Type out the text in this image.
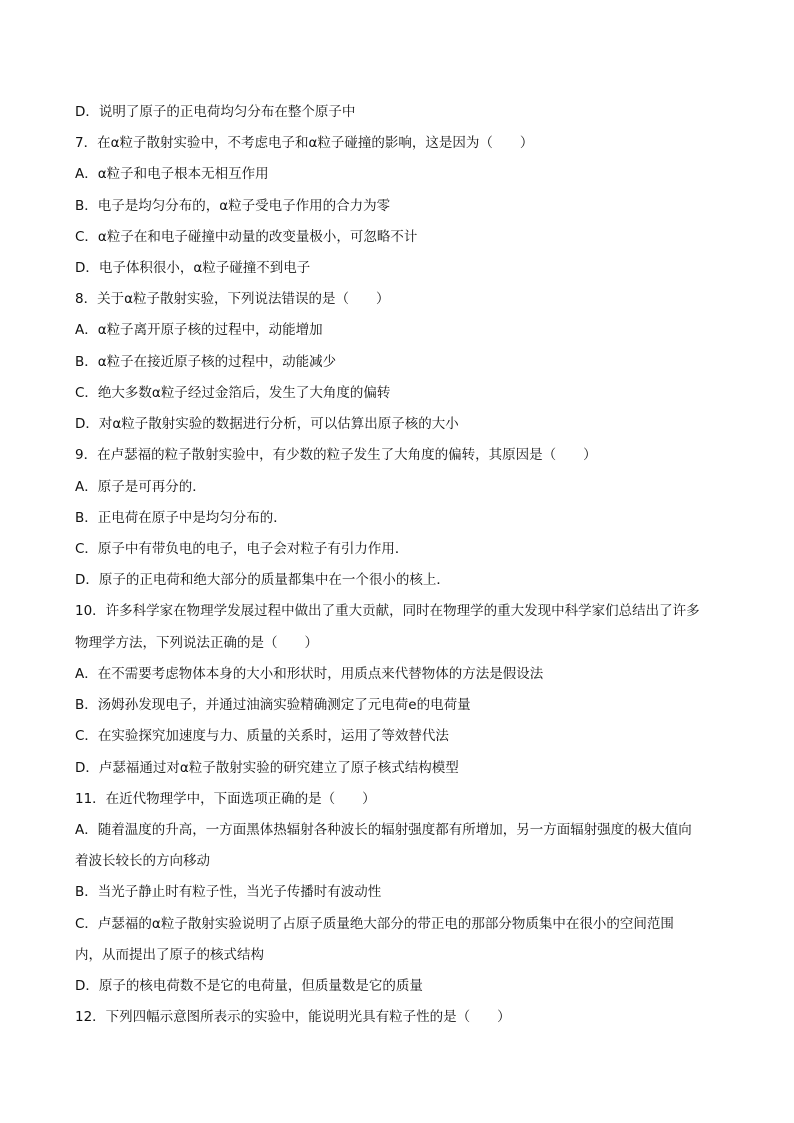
D．说明了原子的正电荷均匀分布在整个原子中
7．在α粒子散射实验中，不考虑电子和α粒子碰撞的影响，这是因为（　　）
A．α粒子和电子根本无相互作用
B．电子是均匀分布的，α粒子受电子作用的合力为零
C．α粒子在和电子碰撞中动量的改变量极小，可忽略不计
D．电子体积很小，α粒子碰撞不到电子
8．关于α粒子散射实验，下列说法错误的是（　　）
A．α粒子离开原子核的过程中，动能增加
B．α粒子在接近原子核的过程中，动能减少
C．绝大多数α粒子经过金箔后，发生了大角度的偏转
D．对α粒子散射实验的数据进行分析，可以估算出原子核的大小
9．在卢瑟福的粒子散射实验中，有少数的粒子发生了大角度的偏转，其原因是（　　）
A．原子是可再分的．
B．正电荷在原子中是均匀分布的．
C．原子中有带负电的电子，电子会对粒子有引力作用．
D．原子的正电荷和绝大部分的质量都集中在一个很小的核上．
10．许多科学家在物理学发展过程中做出了重大贡献，同时在物理学的重大发现中科学家们总结出了许多
物理学方法，下列说法正确的是（　　）
A．在不需要考虑物体本身的大小和形状时，用质点来代替物体的方法是假设法
B．汤姆孙发现电子，并通过油滴实验精确测定了元电荷e的电荷量
C．在实验探究加速度与力、质量的关系时，运用了等效替代法
D．卢瑟福通过对α粒子散射实验的研究建立了原子核式结构模型
11．在近代物理学中，下面选项正确的是（　　）
A．随着温度的升高，一方面黑体热辐射各种波长的辐射强度都有所增加，另一方面辐射强度的极大值向
着波长较长的方向移动
B．当光子静止时有粒子性，当光子传播时有波动性
C．卢瑟福的α粒子散射实验说明了占原子质量绝大部分的带正电的那部分物质集中在很小的空间范围
内，从而提出了原子的核式结构
D．原子的核电荷数不是它的电荷量，但质量数是它的质量
12．下列四幅示意图所表示的实验中，能说明光具有粒子性的是（　　）
